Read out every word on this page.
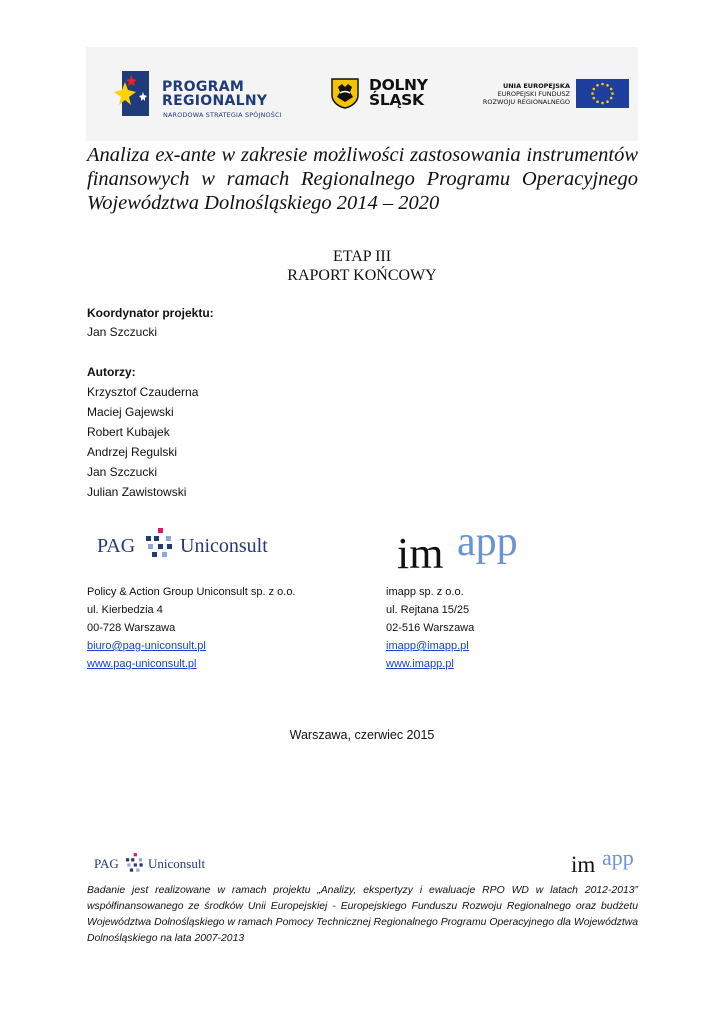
PROGRAM
REGIONALNY
NARODOWA STRATEGIA SPÓJNOŚCI
DOLNY
ŚLĄSK
UNIA EUROPEJSKA
EUROPEJSKI FUNDUSZ
ROZWOJU REGIONALNEGO
Analiza ex-ante w zakresie możliwości zastosowania instrumentów finansowych w ramach Regionalnego Programu Operacyjnego Województwa Dolnośląskiego 2014 – 2020
ETAP III
RAPORT KOŃCOWY
Koordynator projektu:
Jan Szczucki
Autorzy:
Krzysztof Czauderna
Maciej Gajewski
Robert Kubajek
Andrzej Regulski
Jan Szczucki
Julian Zawistowski
PAG Uniconsult	im app
Policy & Action Group Uniconsult sp. z o.o.
ul. Kierbedzia 4
00-728 Warszawa
biuro@pag-uniconsult.pl
www.pag-uniconsult.pl
imapp sp. z o.o.
ul. Rejtana 15/25
02-516 Warszawa
imapp@imapp.pl
www.imapp.pl
Warszawa, czerwiec 2015
PAG Uniconsult	im app
Badanie jest realizowane w ramach projektu „Analizy, ekspertyzy i ewaluacje RPO WD w latach 2012-2013” współfinansowanego ze środków Unii Europejskiej - Europejskiego Funduszu Rozwoju Regionalnego oraz budżetu Województwa Dolnośląskiego w ramach Pomocy Technicznej Regionalnego Programu Operacyjnego dla Województwa Dolnośląskiego na lata 2007-2013
